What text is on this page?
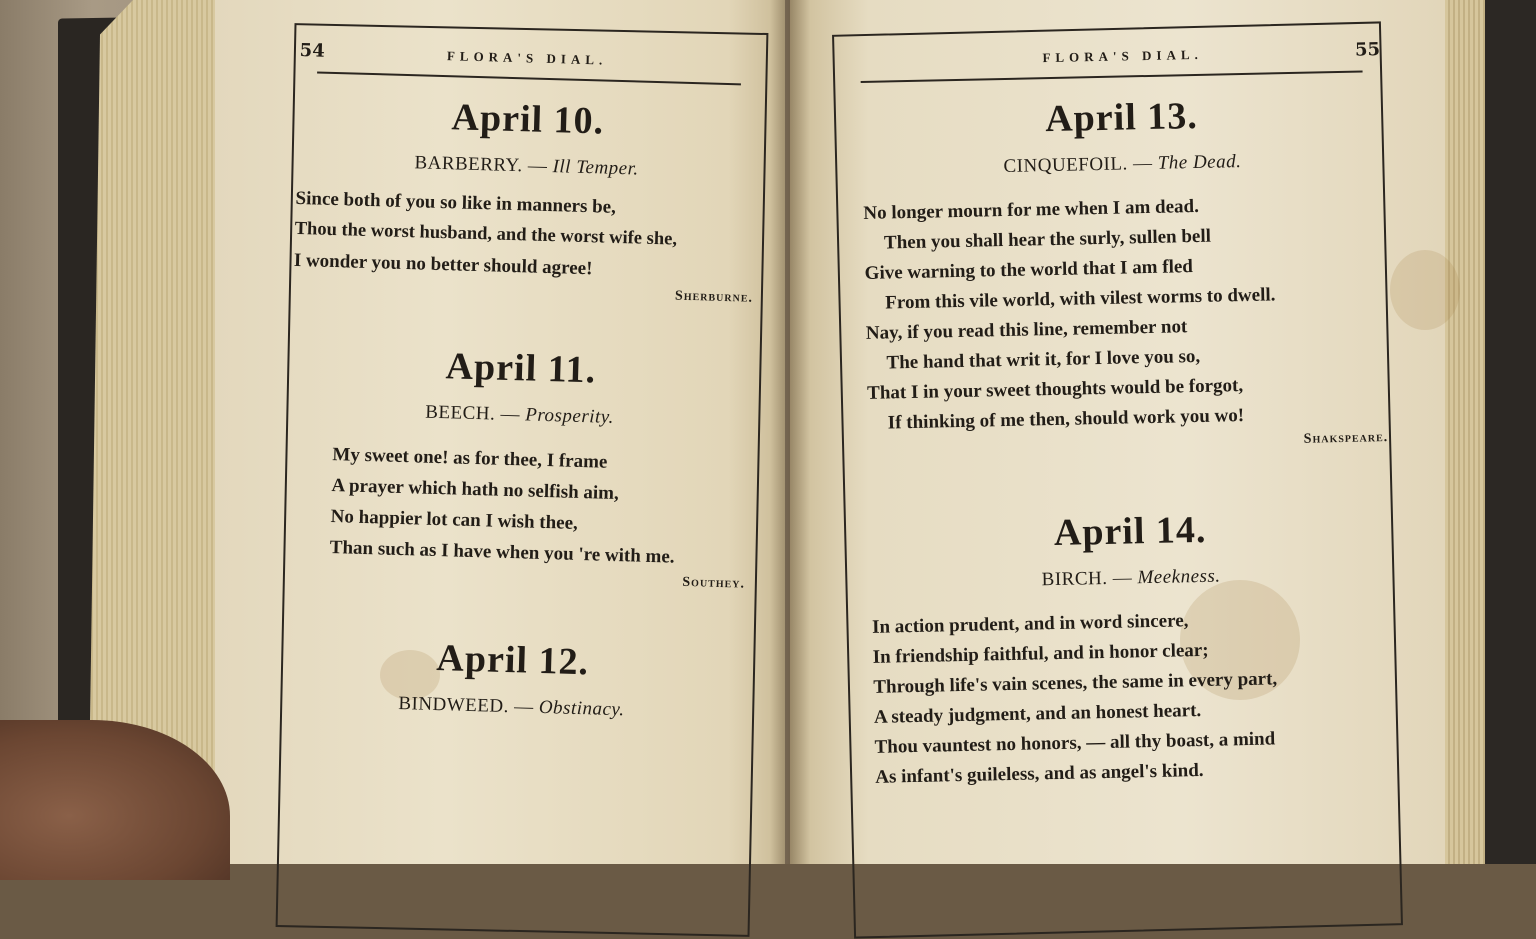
54	FLORA'S DIAL.
April 10.
BARBERRY. — Ill Temper.
Since both of you so like in manners be,
Thou the worst husband, and the worst wife she,
I wonder you no better should agree!
Sherburne.
April 11.
BEECH. — Prosperity.
My sweet one! as for thee, I frame
A prayer which hath no selfish aim,
No happier lot can I wish thee,
Than such as I have when you 're with me.
Southey.
April 12.
BINDWEED. — Obstinacy.
FLORA'S DIAL.	55
April 13.
CINQUEFOIL. — The Dead.
No longer mourn for me when I am dead.
Then you shall hear the surly, sullen bell
Give warning to the world that I am fled
From this vile world, with vilest worms to dwell.
Nay, if you read this line, remember not
The hand that writ it, for I love you so,
That I in your sweet thoughts would be forgot,
If thinking of me then, should work you wo!
Shakspeare.
April 14.
BIRCH. — Meekness.
In action prudent, and in word sincere,
In friendship faithful, and in honor clear;
Through life's vain scenes, the same in every part,
A steady judgment, and an honest heart.
Thou vauntest no honors, — all thy boast, a mind
As infant's guileless, and as angel's kind.
